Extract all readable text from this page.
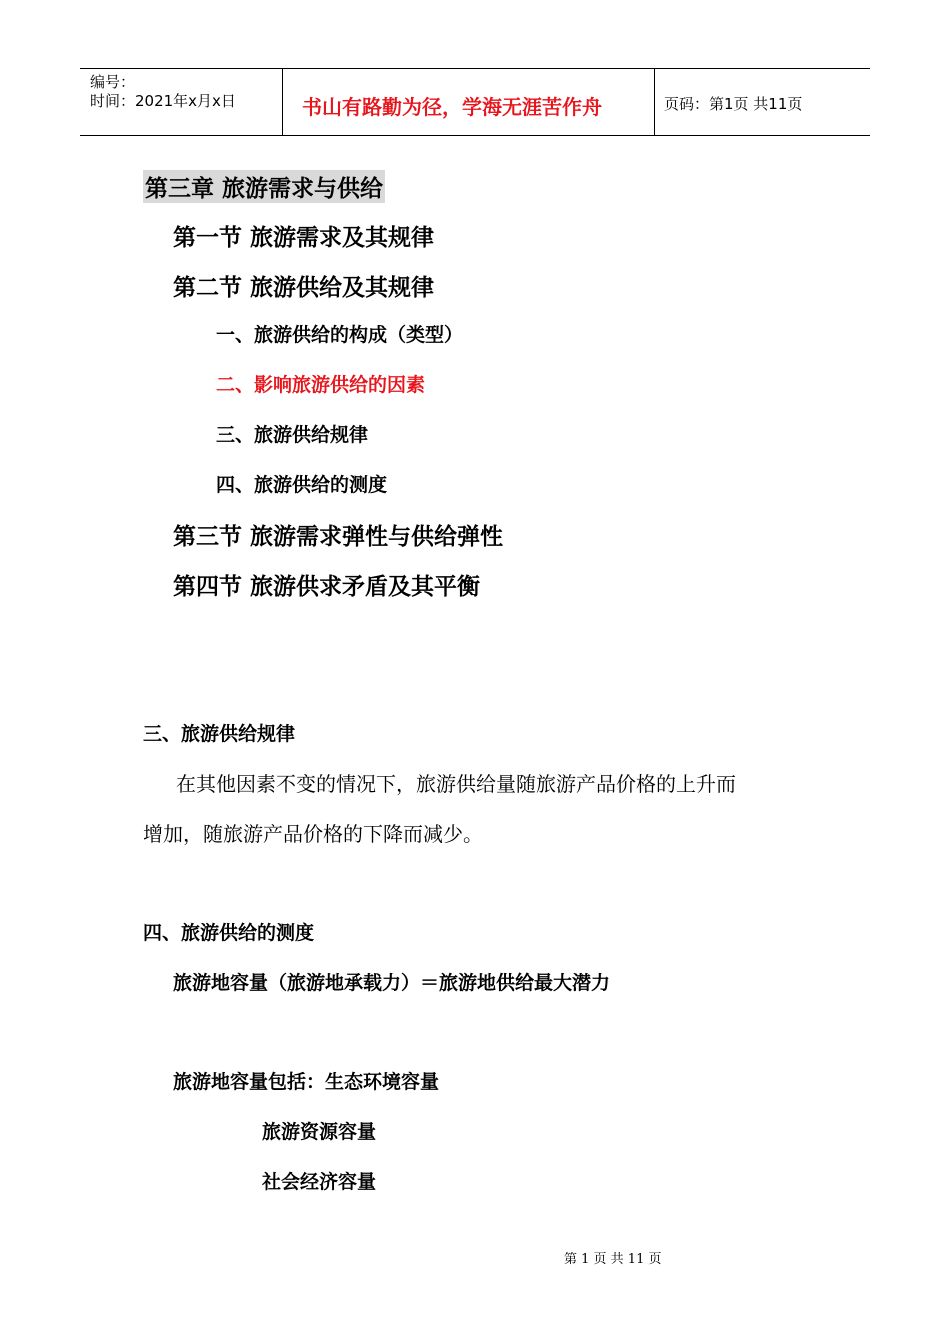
编号：
时间：2021年x月x日	书山有路勤为径，学海无涯苦作舟	页码：第1页 共11页
第三章 旅游需求与供给
第一节 旅游需求及其规律
第二节 旅游供给及其规律
一、旅游供给的构成（类型）
二、影响旅游供给的因素
三、旅游供给规律
四、旅游供给的测度
第三节 旅游需求弹性与供给弹性
第四节 旅游供求矛盾及其平衡
三、旅游供给规律
在其他因素不变的情况下，旅游供给量随旅游产品价格的上升而
增加，随旅游产品价格的下降而减少。
四、旅游供给的测度
旅游地容量（旅游地承载力）＝旅游地供给最大潜力
旅游地容量包括：生态环境容量
旅游资源容量
社会经济容量
第 1 页 共 11 页
